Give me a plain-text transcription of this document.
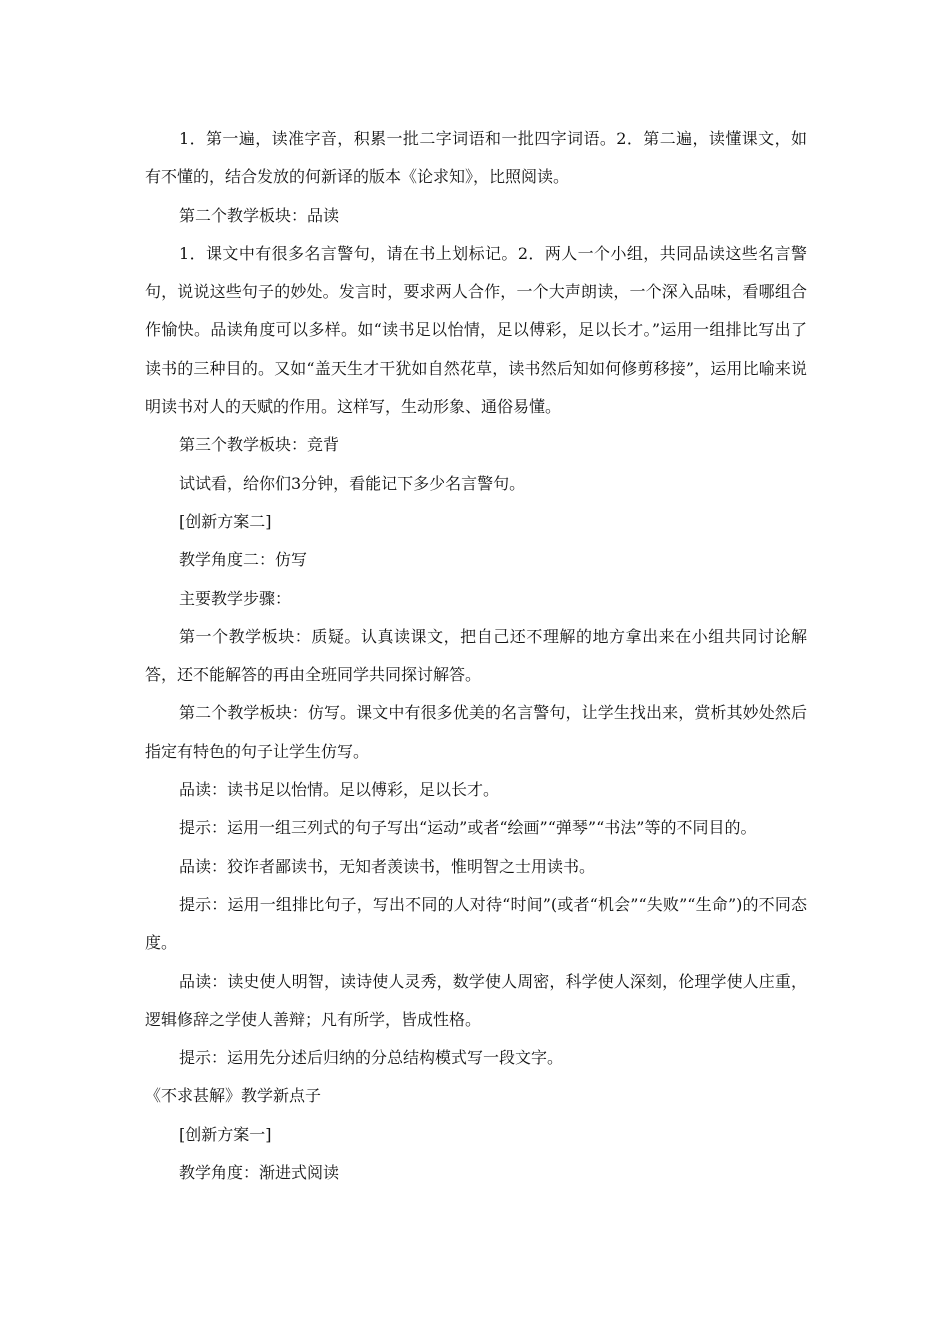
1．第一遍，读准字音，积累一批二字词语和一批四字词语。2．第二遍，读懂课文，如有不懂的，结合发放的何新译的版本《论求知》，比照阅读。

第二个教学板块：品读

1．课文中有很多名言警句，请在书上划标记。2．两人一个小组，共同品读这些名言警句，说说这些句子的妙处。发言时，要求两人合作，一个大声朗读，一个深入品味，看哪组合作愉快。品读角度可以多样。如“读书足以怡情，足以傅彩，足以长才。”运用一组排比写出了读书的三种目的。又如“盖天生才干犹如自然花草，读书然后知如何修剪移接”，运用比喻来说明读书对人的天赋的作用。这样写，生动形象、通俗易懂。

第三个教学板块：竞背

试试看，给你们3分钟，看能记下多少名言警句。

[创新方案二]

教学角度二：仿写

主要教学步骤：

第一个教学板块：质疑。认真读课文，把自己还不理解的地方拿出来在小组共同讨论解答，还不能解答的再由全班同学共同探讨解答。

第二个教学板块：仿写。课文中有很多优美的名言警句，让学生找出来，赏析其妙处然后指定有特色的句子让学生仿写。

品读：读书足以怡情。足以傅彩，足以长才。

提示：运用一组三列式的句子写出“运动”或者“绘画”“弹琴”“书法”等的不同目的。

品读：狡诈者鄙读书，无知者羡读书，惟明智之士用读书。

提示：运用一组排比句子，写出不同的人对待“时间”(或者“机会”“失败”“生命”)的不同态度。

品读：读史使人明智，读诗使人灵秀，数学使人周密，科学使人深刻，伦理学使人庄重，逻辑修辞之学使人善辩；凡有所学，皆成性格。

提示：运用先分述后归纳的分总结构模式写一段文字。

《不求甚解》教学新点子

[创新方案一]

教学角度：渐进式阅读
